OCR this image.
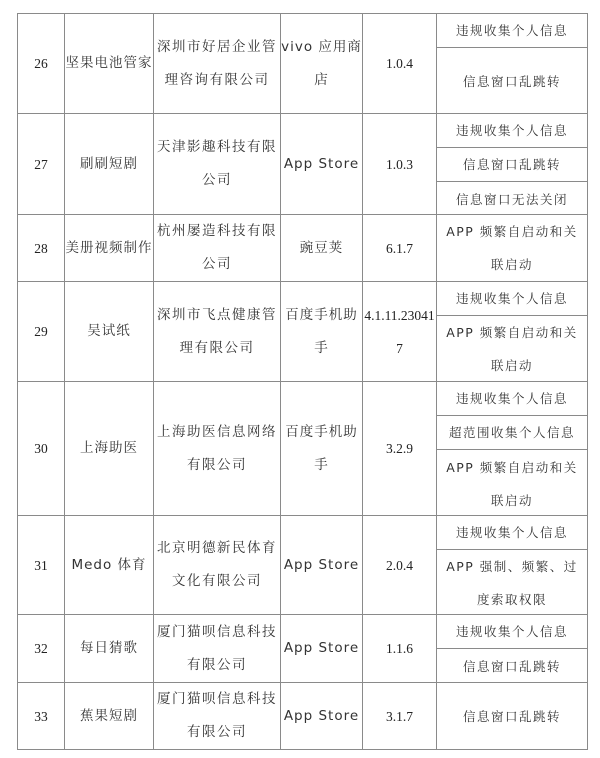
26	坚果电池管家	深圳市好居企业管理咨询有限公司	vivo 应用商店	1.0.4	违规收集个人信息
信息窗口乱跳转

27	刷刷短剧	天津影趣科技有限公司	App Store	1.0.3	违规收集个人信息
信息窗口乱跳转
信息窗口无法关闭

28	美册视频制作	杭州屡造科技有限公司	豌豆荚	6.1.7	APP 频繁自启动和关联启动

29	吴试纸	深圳市飞点健康管理有限公司	百度手机助手	4.1.11.230417	违规收集个人信息
APP 频繁自启动和关联启动

30	上海助医	上海助医信息网络有限公司	百度手机助手	3.2.9	违规收集个人信息
超范围收集个人信息
APP 频繁自启动和关联启动

31	Medo 体育	北京明德新民体育文化有限公司	App Store	2.0.4	违规收集个人信息
APP 强制、频繁、过度索取权限

32	每日猜歌	厦门猫呗信息科技有限公司	App Store	1.1.6	违规收集个人信息
信息窗口乱跳转

33	蕉果短剧	厦门猫呗信息科技有限公司	App Store	3.1.7	信息窗口乱跳转
